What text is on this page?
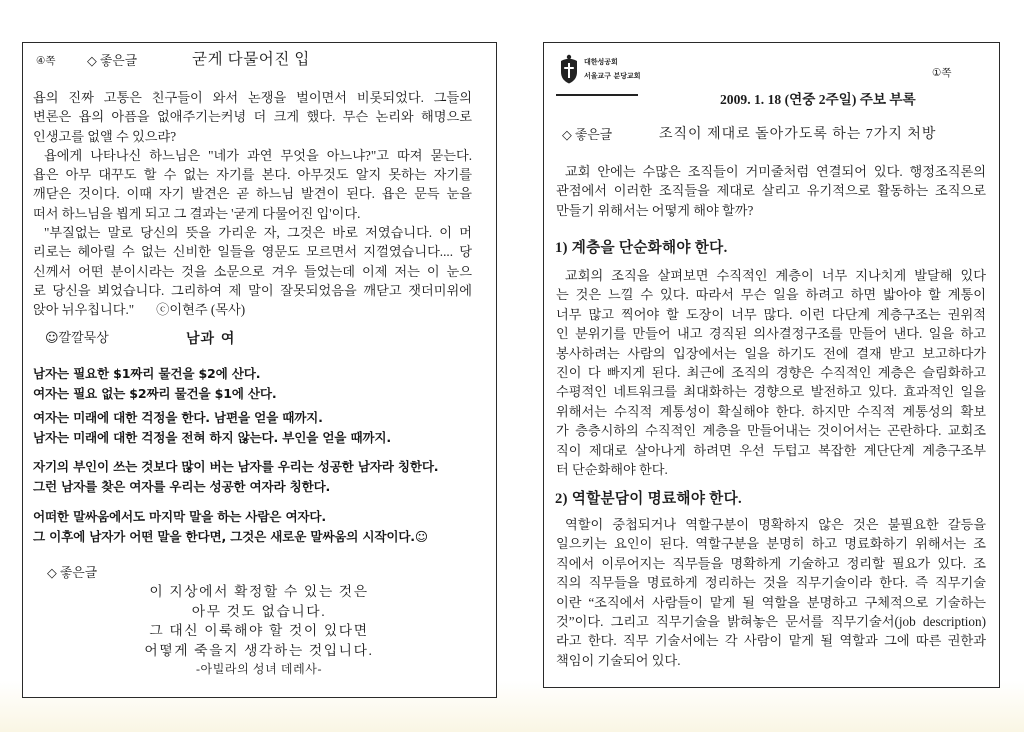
④쪽 ◇ 좋은글	굳게 다물어진 입
욥의 진짜 고통은 친구들이 와서 논쟁을 벌이면서 비롯되었다. 그들의
변론은 욥의 아픔을 없애주기는커녕 더 크게 했다. 무슨 논리와 해명으로
인생고를 없앨 수 있으랴?
욥에게 나타나신 하느님은 "네가 과연 무엇을 아느냐?"고 따져 묻는다.
욥은 아무 대꾸도 할 수 없는 자기를 본다. 아무것도 알지 못하는 자기를
깨닫은 것이다. 이때 자기 발견은 곧 하느님 발견이 된다. 욥은 문득 눈을
떠서 하느님을 뵙게 되고 그 결과는 '굳게 다물어진 입'이다.
"부질없는 말로 당신의 뜻을 가리운 자, 그것은 바로 저였습니다. 이 머
리로는 헤아릴 수 없는 신비한 일들을 영문도 모르면서 지껄였습니다.... 당
신께서 어떤 분이시라는 것을 소문으로 겨우 들었는데 이제 저는 이 눈으
로 당신을 뵈었습니다. 그리하여 제 말이 잘못되었음을 깨닫고 잿더미위에
앉아 뉘우칩니다." ⓒ이현주 (목사)
☺깔깔묵상	남과 여
남자는 필요한 $1짜리 물건을 $2에 산다.
여자는 필요 없는 $2짜리 물건을 $1에 산다.
여자는 미래에 대한 걱정을 한다. 남편을 얻을 때까지.
남자는 미래에 대한 걱정을 전혀 하지 않는다. 부인을 얻을 때까지.
자기의 부인이 쓰는 것보다 많이 버는 남자를 우리는 성공한 남자라 칭한다.
그런 남자를 찾은 여자를 우리는 성공한 여자라 칭한다.
어떠한 말싸움에서도 마지막 말을 하는 사람은 여자다.
그 이후에 남자가 어떤 말을 한다면, 그것은 새로운 말싸움의 시작이다.☺
◇ 좋은글
이 지상에서 확정할 수 있는 것은
아무 것도 없습니다.
그 대신 이룩해야 할 것이 있다면
어떻게 죽을지 생각하는 것입니다.
-아빌라의 성녀 데레사-
①쪽
대한성공회
서울교구 분당교회
2009. 1. 18 (연중 2주일) 주보 부록
◇ 좋은글	조직이 제대로 돌아가도록 하는 7가지 처방
교회 안에는 수많은 조직들이 거미줄처럼 연결되어 있다. 행정조직론의
관점에서 이러한 조직들을 제대로 살리고 유기적으로 활동하는 조직으로
만들기 위해서는 어떻게 해야 할까?
1) 계층을 단순화해야 한다.
교회의 조직을 살펴보면 수직적인 계층이 너무 지나치게 발달해 있다
는 것은 느낄 수 있다. 따라서 무슨 일을 하려고 하면 밟아야 할 계통이
너무 많고 찍어야 할 도장이 너무 많다. 이런 다단계 계층구조는 권위적
인 분위기를 만들어 내고 경직된 의사결정구조를 만들어 낸다. 일을 하고
봉사하려는 사람의 입장에서는 일을 하기도 전에 결재 받고 보고하다가
진이 다 빠지게 된다. 최근에 조직의 경향은 수직적인 계층은 슬림화하고
수평적인 네트워크를 최대화하는 경향으로 발전하고 있다. 효과적인 일을
위해서는 수직적 계통성이 확실해야 한다. 하지만 수직적 계통성의 확보
가 층층시하의 수직적인 계층을 만들어내는 것이어서는 곤란하다. 교회조
직이 제대로 살아나게 하려면 우선 두텁고 복잡한 계단단계 계층구조부
터 단순화해야 한다.
2) 역할분담이 명료해야 한다.
역할이 중첩되거나 역할구분이 명확하지 않은 것은 불필요한 갈등을
일으키는 요인이 된다. 역할구분을 분명히 하고 명료화하기 위해서는 조
직에서 이루어지는 직무들을 명확하게 기술하고 정리할 필요가 있다. 조
직의 직무들을 명료하게 정리하는 것을 직무기술이라 한다. 즉 직무기술
이란 “조직에서 사람들이 맡게 될 역할을 분명하고 구체적으로 기술하는
것”이다. 그리고 직무기술을 밝혀놓은 문서를 직무기술서(job description)
라고 한다. 직무 기술서에는 각 사람이 맡게 될 역할과 그에 따른 권한과
책임이 기술되어 있다.
